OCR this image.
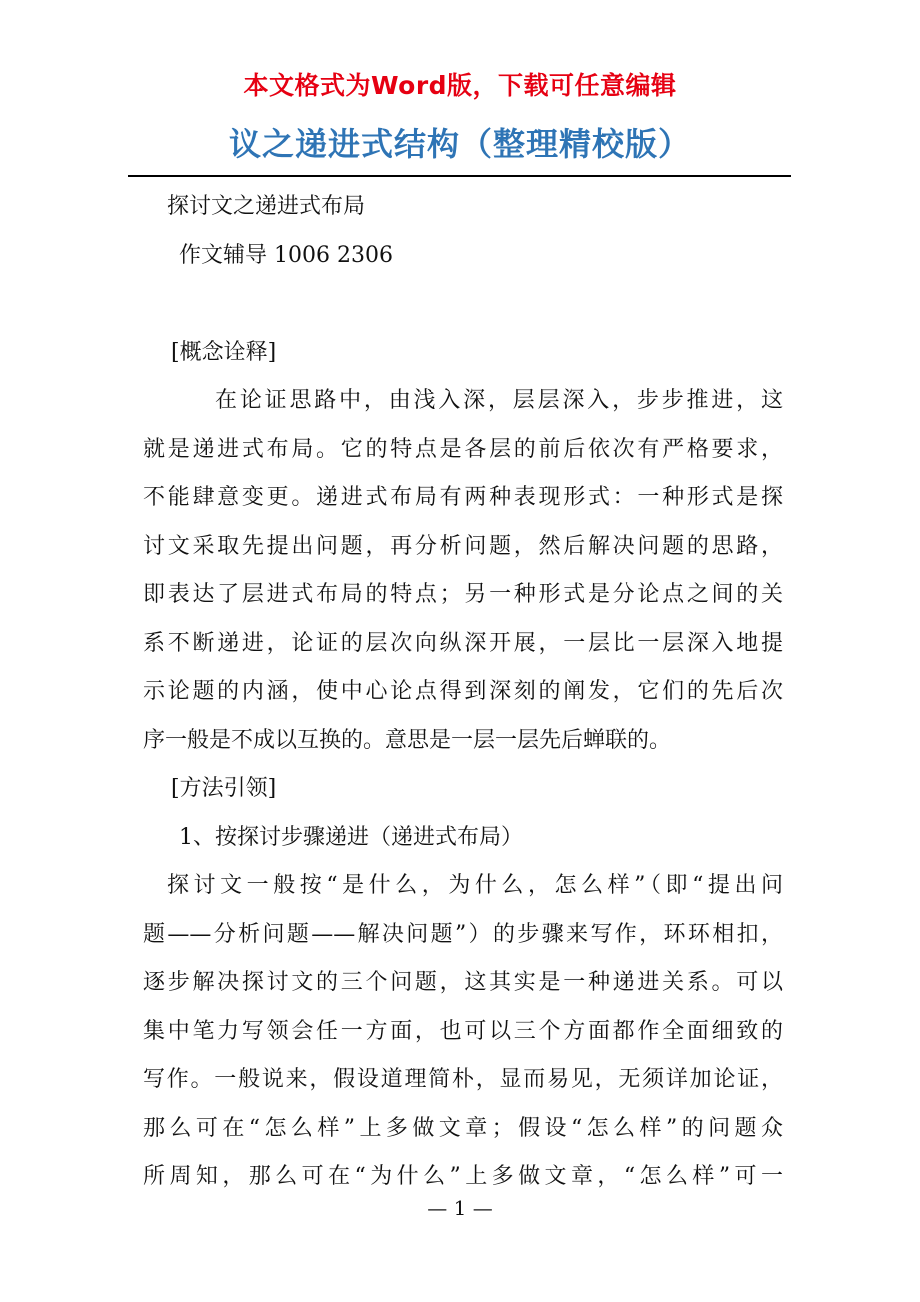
本文格式为Word版，下载可任意编辑
议之递进式结构（整理精校版）
探讨文之递进式布局
作文辅导 1006 2306
[概念诠释]
在论证思路中，由浅入深，层层深入，步步推进，这
就是递进式布局。它的特点是各层的前后依次有严格要求，
不能肆意变更。递进式布局有两种表现形式：一种形式是探
讨文采取先提出问题，再分析问题，然后解决问题的思路，
即表达了层进式布局的特点；另一种形式是分论点之间的关
系不断递进，论证的层次向纵深开展，一层比一层深入地提
示论题的内涵，使中心论点得到深刻的阐发，它们的先后次
序一般是不成以互换的。意思是一层一层先后蝉联的。
[方法引领]
1、按探讨步骤递进（递进式布局）
探讨文一般按“是什么，为什么，怎么样”（即“提出问
题——分析问题——解决问题”）的步骤来写作，环环相扣，
逐步解决探讨文的三个问题，这其实是一种递进关系。可以
集中笔力写领会任一方面，也可以三个方面都作全面细致的
写作。一般说来，假设道理简朴，显而易见，无须详加论证，
那么可在“怎么样”上多做文章；假设“怎么样”的问题众
所周知，那么可在“为什么”上多做文章，“怎么样”可一
— 1 —
